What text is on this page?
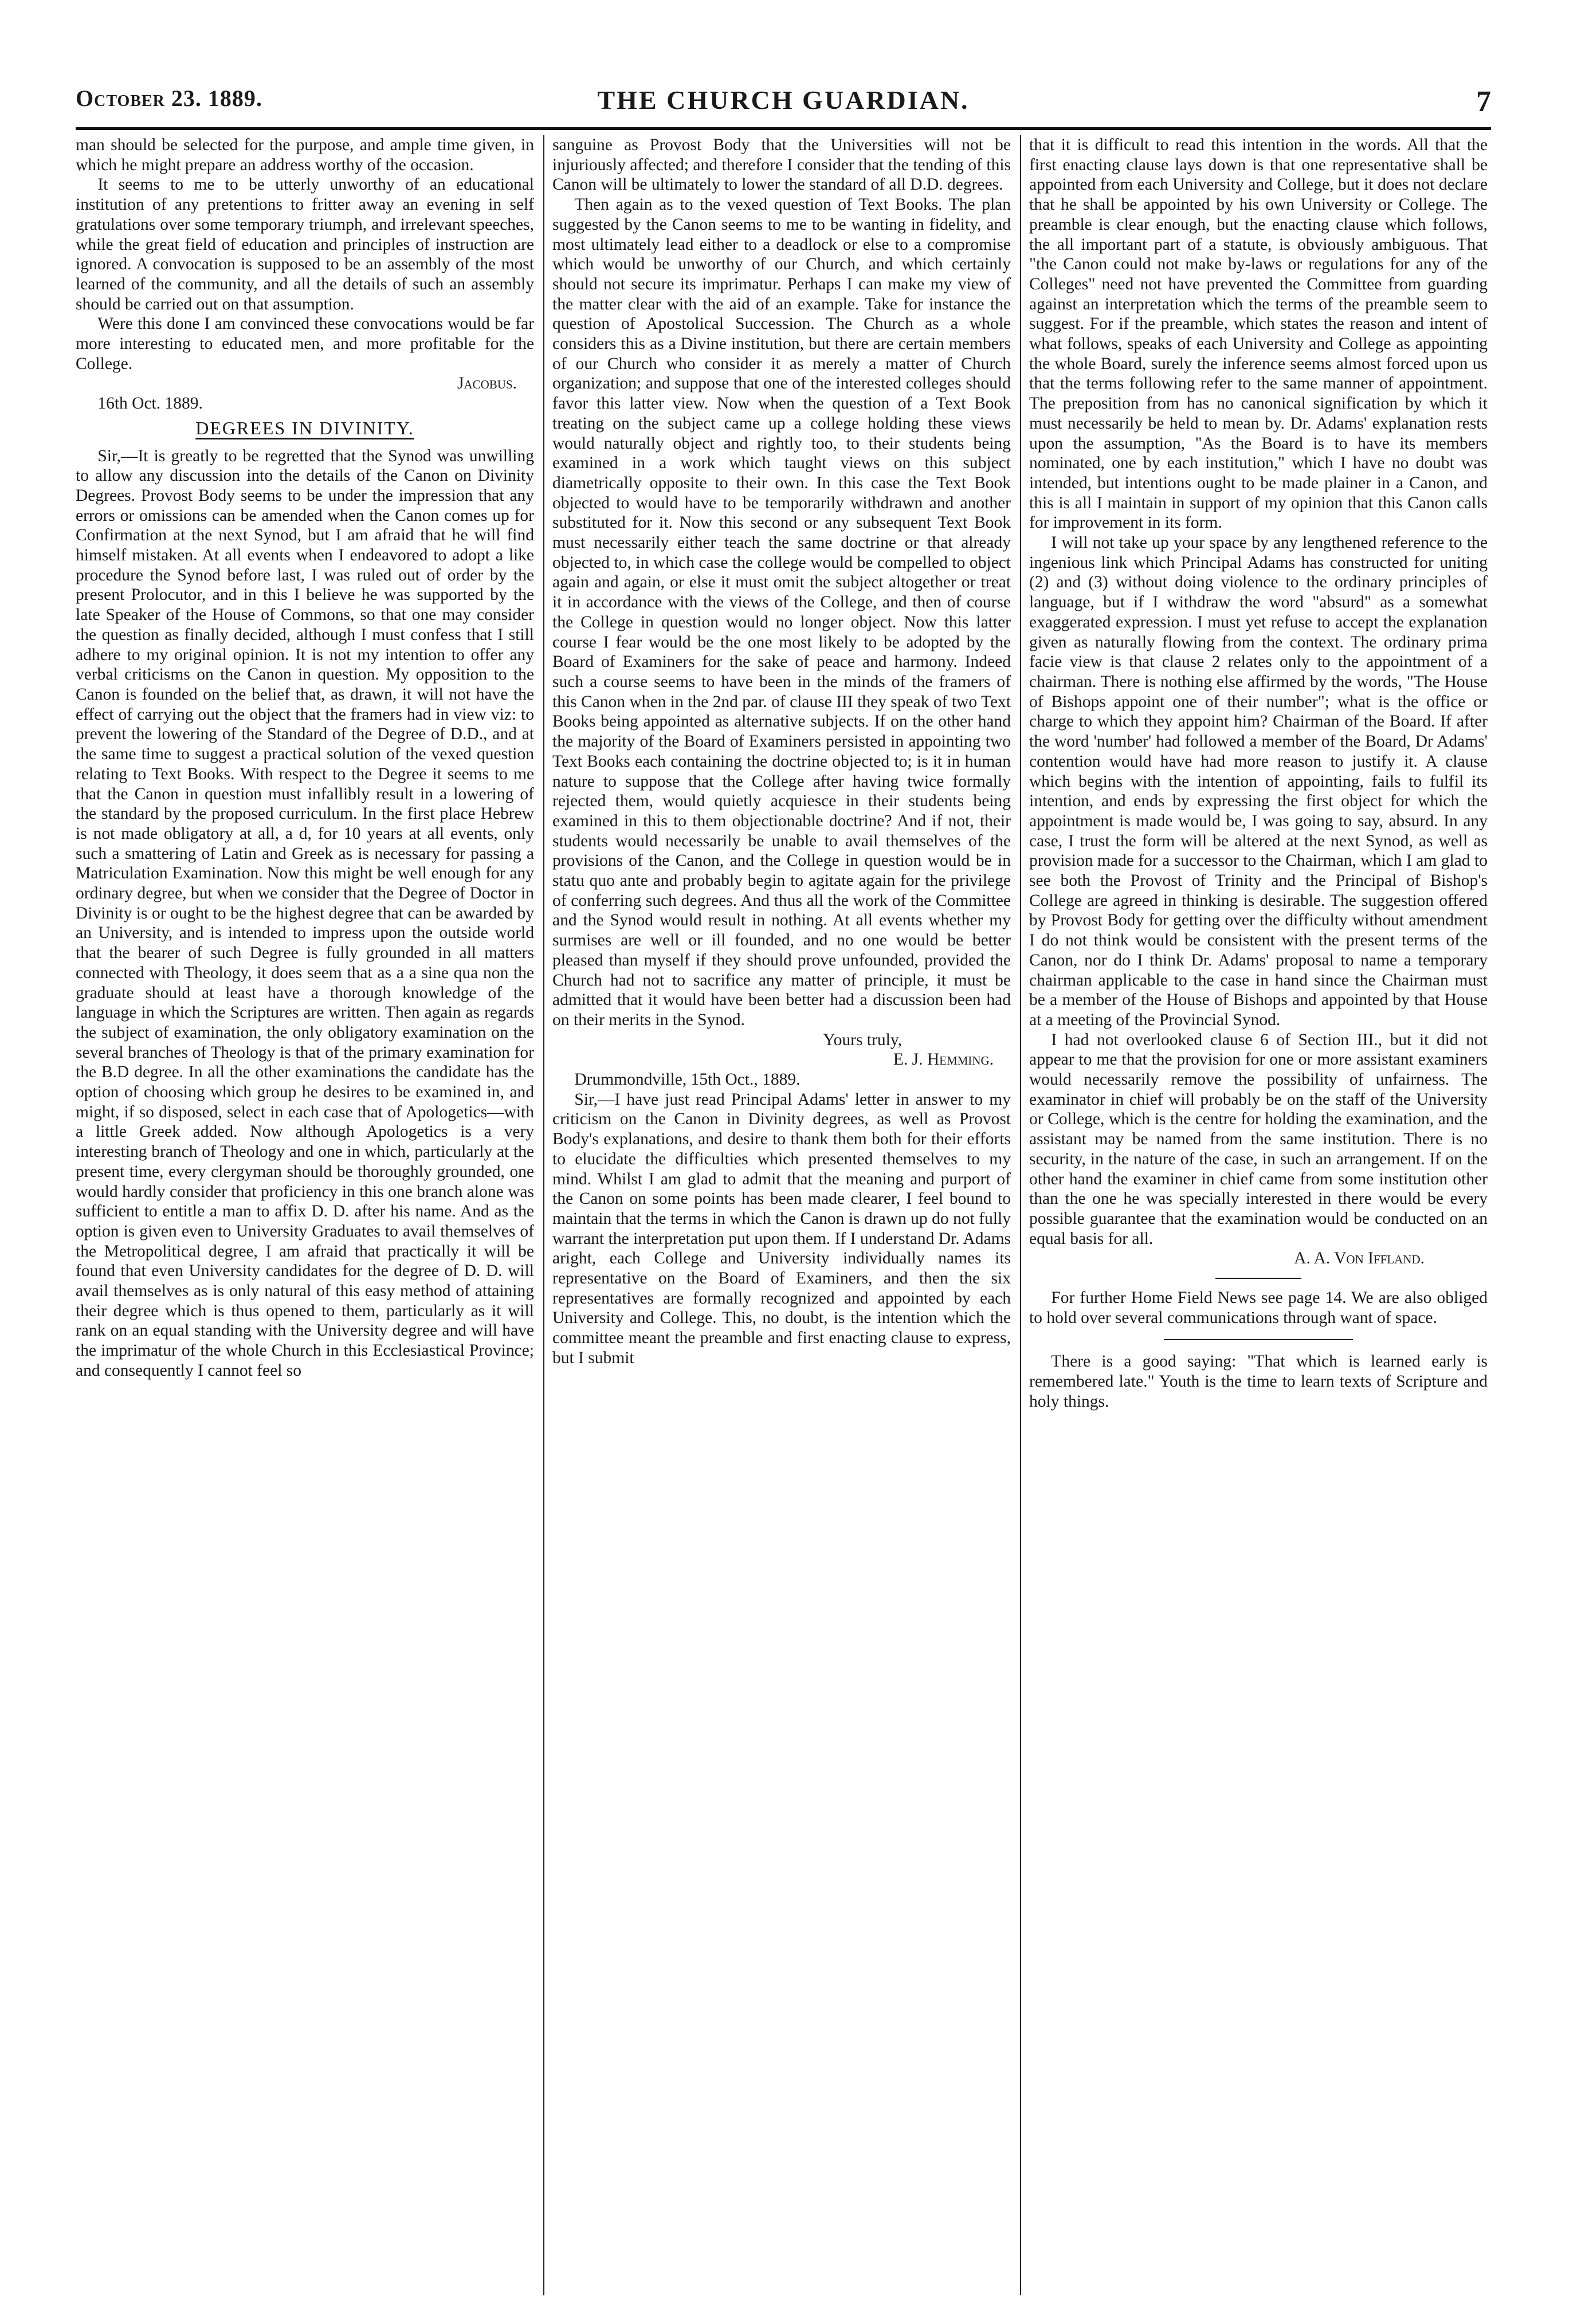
October 23. 1889.	THE CHURCH GUARDIAN.	7

man should be selected for the purpose, and ample time given, in which he might prepare an address worthy of the occasion.

It seems to me to be utterly unworthy of an educational institution of any pretentions to fritter away an evening in self gratulations over some temporary triumph, and irrelevant speeches, while the great field of education and principles of instruction are ignored. A convocation is supposed to be an assembly of the most learned of the community, and all the details of such an assembly should be carried out on that assumption.

Were this done I am convinced these convocations would be far more interesting to educated men, and more profitable for the College.

Jacobus.

16th Oct. 1889.

DEGREES IN DIVINITY.

Sir,—It is greatly to be regretted that the Synod was unwilling to allow any discussion into the details of the Canon on Divinity Degrees. Provost Body seems to be under the impression that any errors or omissions can be amended when the Canon comes up for Confirmation at the next Synod, but I am afraid that he will find himself mistaken. At all events when I endeavored to adopt a like procedure the Synod before last, I was ruled out of order by the present Prolocutor, and in this I believe he was supported by the late Speaker of the House of Commons, so that one may consider the question as finally decided, although I must confess that I still adhere to my original opinion. It is not my intention to offer any verbal criticisms on the Canon in question. My opposition to the Canon is founded on the belief that, as drawn, it will not have the effect of carrying out the object that the framers had in view viz: to prevent the lowering of the Standard of the Degree of D.D., and at the same time to suggest a practical solution of the vexed question relating to Text Books. With respect to the Degree it seems to me that the Canon in question must infallibly result in a lowering of the standard by the proposed curriculum. In the first place Hebrew is not made obligatory at all, a d, for 10 years at all events, only such a smattering of Latin and Greek as is necessary for passing a Matriculation Examination. Now this might be well enough for any ordinary degree, but when we consider that the Degree of Doctor in Divinity is or ought to be the highest degree that can be awarded by an University, and is intended to impress upon the outside world that the bearer of such Degree is fully grounded in all matters connected with Theology, it does seem that as a a sine qua non the graduate should at least have a thorough knowledge of the language in which the Scriptures are written. Then again as regards the subject of examination, the only obligatory examination on the several branches of Theology is that of the primary examination for the B.D degree. In all the other examinations the candidate has the option of choosing which group he desires to be examined in, and might, if so disposed, select in each case that of Apologetics—with a little Greek added. Now although Apologetics is a very interesting branch of Theology and one in which, particularly at the present time, every clergyman should be thoroughly grounded, one would hardly consider that proficiency in this one branch alone was sufficient to entitle a man to affix D. D. after his name. And as the option is given even to University Graduates to avail themselves of the Metropolitical degree, I am afraid that practically it will be found that even University candidates for the degree of D. D. will avail themselves as is only natural of this easy method of attaining their degree which is thus opened to them, particularly as it will rank on an equal standing with the University degree and will have the imprimatur of the whole Church in this Ecclesiastical Province; and consequently I cannot feel so

sanguine as Provost Body that the Universities will not be injuriously affected; and therefore I consider that the tending of this Canon will be ultimately to lower the standard of all D.D. degrees.

Then again as to the vexed question of Text Books. The plan suggested by the Canon seems to me to be wanting in fidelity, and most ultimately lead either to a deadlock or else to a compromise which would be unworthy of our Church, and which certainly should not secure its imprimatur. Perhaps I can make my view of the matter clear with the aid of an example. Take for instance the question of Apostolical Succession. The Church as a whole considers this as a Divine institution, but there are certain members of our Church who consider it as merely a matter of Church organization; and suppose that one of the interested colleges should favor this latter view. Now when the question of a Text Book treating on the subject came up a college holding these views would naturally object and rightly too, to their students being examined in a work which taught views on this subject diametrically opposite to their own. In this case the Text Book objected to would have to be temporarily withdrawn and another substituted for it. Now this second or any subsequent Text Book must necessarily either teach the same doctrine or that already objected to, in which case the college would be compelled to object again and again, or else it must omit the subject altogether or treat it in accordance with the views of the College, and then of course the College in question would no longer object. Now this latter course I fear would be the one most likely to be adopted by the Board of Examiners for the sake of peace and harmony. Indeed such a course seems to have been in the minds of the framers of this Canon when in the 2nd par. of clause III they speak of two Text Books being appointed as alternative subjects. If on the other hand the majority of the Board of Examiners persisted in appointing two Text Books each containing the doctrine objected to; is it in human nature to suppose that the College after having twice formally rejected them, would quietly acquiesce in their students being examined in this to them objectionable doctrine? And if not, their students would necessarily be unable to avail themselves of the provisions of the Canon, and the College in question would be in statu quo ante and probably begin to agitate again for the privilege of conferring such degrees. And thus all the work of the Committee and the Synod would result in nothing. At all events whether my surmises are well or ill founded, and no one would be better pleased than myself if they should prove unfounded, provided the Church had not to sacrifice any matter of principle, it must be admitted that it would have been better had a discussion been had on their merits in the Synod.

Yours truly,

E. J. Hemming.

Drummondville, 15th Oct., 1889.

Sir,—I have just read Principal Adams' letter in answer to my criticism on the Canon in Divinity degrees, as well as Provost Body's explanations, and desire to thank them both for their efforts to elucidate the difficulties which presented themselves to my mind. Whilst I am glad to admit that the meaning and purport of the Canon on some points has been made clearer, I feel bound to maintain that the terms in which the Canon is drawn up do not fully warrant the interpretation put upon them. If I understand Dr. Adams aright, each College and University individually names its representative on the Board of Examiners, and then the six representatives are formally recognized and appointed by each University and College. This, no doubt, is the intention which the committee meant the preamble and first enacting clause to express, but I submit

that it is difficult to read this intention in the words. All that the first enacting clause lays down is that one representative shall be appointed from each University and College, but it does not declare that he shall be appointed by his own University or College. The preamble is clear enough, but the enacting clause which follows, the all important part of a statute, is obviously ambiguous. That "the Canon could not make by-laws or regulations for any of the Colleges" need not have prevented the Committee from guarding against an interpretation which the terms of the preamble seem to suggest. For if the preamble, which states the reason and intent of what follows, speaks of each University and College as appointing the whole Board, surely the inference seems almost forced upon us that the terms following refer to the same manner of appointment. The preposition from has no canonical signification by which it must necessarily be held to mean by. Dr. Adams' explanation rests upon the assumption, "As the Board is to have its members nominated, one by each institution," which I have no doubt was intended, but intentions ought to be made plainer in a Canon, and this is all I maintain in support of my opinion that this Canon calls for improvement in its form.

I will not take up your space by any lengthened reference to the ingenious link which Principal Adams has constructed for uniting (2) and (3) without doing violence to the ordinary principles of language, but if I withdraw the word "absurd" as a somewhat exaggerated expression. I must yet refuse to accept the explanation given as naturally flowing from the context. The ordinary prima facie view is that clause 2 relates only to the appointment of a chairman. There is nothing else affirmed by the words, "The House of Bishops appoint one of their number"; what is the office or charge to which they appoint him? Chairman of the Board. If after the word 'number' had followed a member of the Board, Dr Adams' contention would have had more reason to justify it. A clause which begins with the intention of appointing, fails to fulfil its intention, and ends by expressing the first object for which the appointment is made would be, I was going to say, absurd. In any case, I trust the form will be altered at the next Synod, as well as provision made for a successor to the Chairman, which I am glad to see both the Provost of Trinity and the Principal of Bishop's College are agreed in thinking is desirable. The suggestion offered by Provost Body for getting over the difficulty without amendment I do not think would be consistent with the present terms of the Canon, nor do I think Dr. Adams' proposal to name a temporary chairman applicable to the case in hand since the Chairman must be a member of the House of Bishops and appointed by that House at a meeting of the Provincial Synod.

I had not overlooked clause 6 of Section III., but it did not appear to me that the provision for one or more assistant examiners would necessarily remove the possibility of unfairness. The examinator in chief will probably be on the staff of the University or College, which is the centre for holding the examination, and the assistant may be named from the same institution. There is no security, in the nature of the case, in such an arrangement. If on the other hand the examiner in chief came from some institution other than the one he was specially interested in there would be every possible guarantee that the examination would be conducted on an equal basis for all.

A. A. Von Iffland.

For further Home Field News see page 14. We are also obliged to hold over several communications through want of space.

There is a good saying: "That which is learned early is remembered late." Youth is the time to learn texts of Scripture and holy things.
